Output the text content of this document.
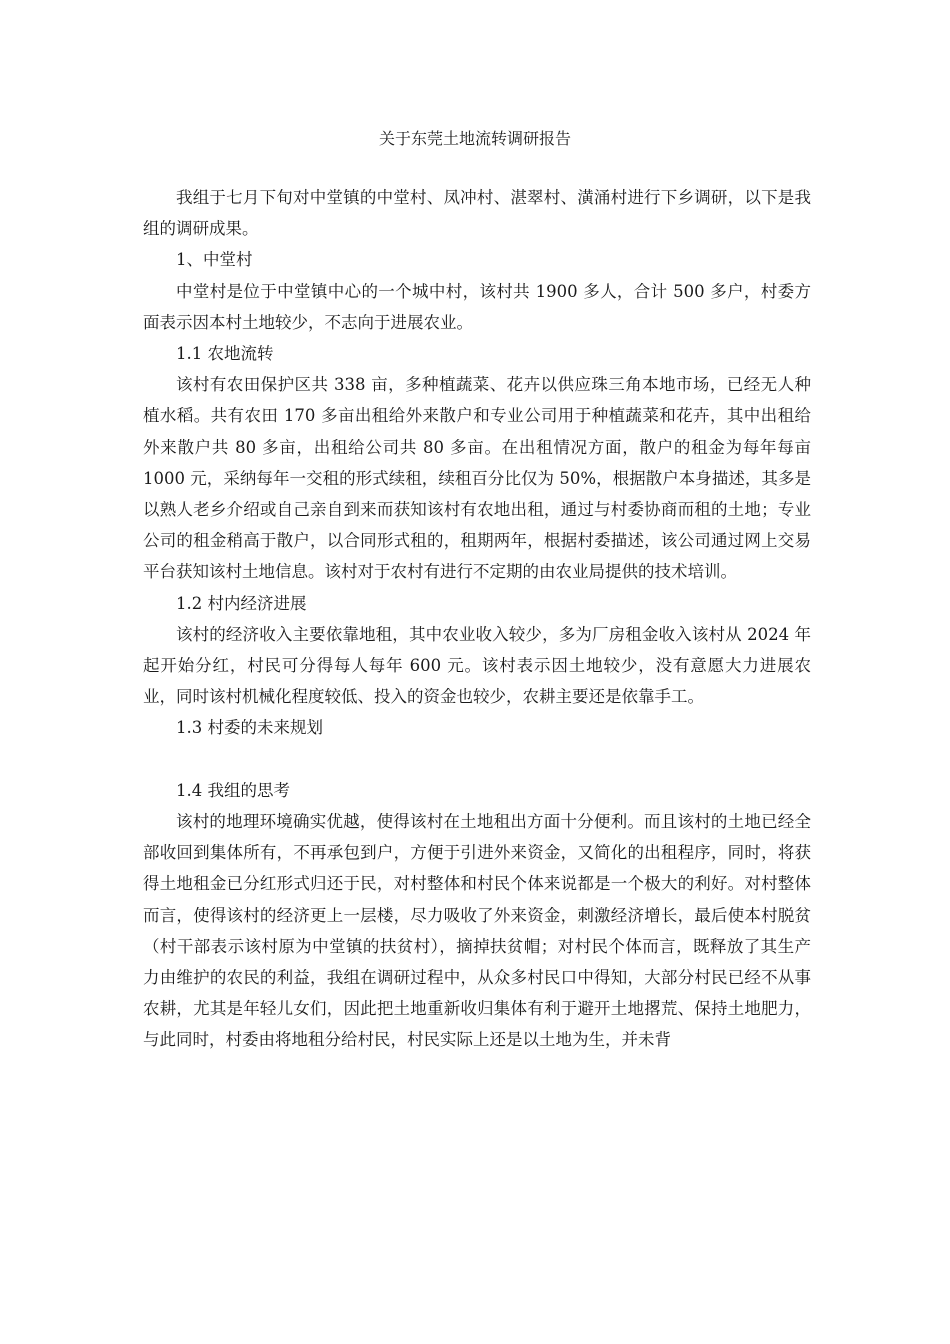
关于东莞土地流转调研报告

我组于七月下旬对中堂镇的中堂村、凤冲村、湛翠村、潢涌村进行下乡调研，以下是我组的调研成果。

1、中堂村

中堂村是位于中堂镇中心的一个城中村，该村共 1900 多人，合计 500 多户，村委方面表示因本村土地较少，不志向于进展农业。

1.1 农地流转

该村有农田保护区共 338 亩，多种植蔬菜、花卉以供应珠三角本地市场，已经无人种植水稻。共有农田 170 多亩出租给外来散户和专业公司用于种植蔬菜和花卉，其中出租给外来散户共 80 多亩，出租给公司共 80 多亩。在出租情况方面，散户的租金为每年每亩 1000 元，采纳每年一交租的形式续租，续租百分比仅为 50%，根据散户本身描述，其多是以熟人老乡介绍或自己亲自到来而获知该村有农地出租，通过与村委协商而租的土地；专业公司的租金稍高于散户，以合同形式租的，租期两年，根据村委描述，该公司通过网上交易平台获知该村土地信息。该村对于农村有进行不定期的由农业局提供的技术培训。

1.2 村内经济进展

该村的经济收入主要依靠地租，其中农业收入较少，多为厂房租金收入该村从 2024 年起开始分红，村民可分得每人每年 600 元。该村表示因土地较少，没有意愿大力进展农业，同时该村机械化程度较低、投入的资金也较少，农耕主要还是依靠手工。

1.3 村委的未来规划

1.4 我组的思考

该村的地理环境确实优越，使得该村在土地租出方面十分便利。而且该村的土地已经全部收回到集体所有，不再承包到户，方便于引进外来资金，又简化的出租程序，同时，将获得土地租金已分红形式归还于民，对村整体和村民个体来说都是一个极大的利好。对村整体而言，使得该村的经济更上一层楼，尽力吸收了外来资金，刺激经济增长，最后使本村脱贫（村干部表示该村原为中堂镇的扶贫村），摘掉扶贫帽；对村民个体而言，既释放了其生产力由维护的农民的利益，我组在调研过程中，从众多村民口中得知，大部分村民已经不从事农耕，尤其是年轻儿女们，因此把土地重新收归集体有利于避开土地撂荒、保持土地肥力，与此同时，村委由将地租分给村民，村民实际上还是以土地为生，并未背
